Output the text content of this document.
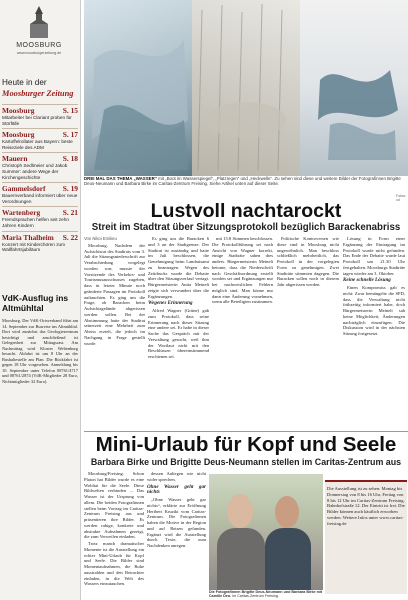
MOOSBURG
www.moosburgerzeitung.de
Heute in der
Moosburger Zeitung
Moosburg	S. 15
Mitarbeiter bei Clariant proben für Störfälle
Moosburg	S. 17
Kartoffelrollater aus Bayern: beste Reiseziele des ADM
Mauern	S. 18
Christoph Sedlmeier und Jakob Summer: andere Wege der Kirchengeschichte
Gammelsdorf S. 19
Bauernverband informiert über neue Verordnungen
Wartenberg	S. 21
Fremdsprachen helfen seit zehn Jahren Kindern
Maria Thalheim S. 22
Konzert mit Kinderchören zum Wallfahrtsjubiläum
VdK-Ausflug ins Altmühltal
Moosburg. Der VdK-Ortsverband führt am 14. September zur Busreise ins Altmühltal. Dort wird zunächst das Geologiezentrum besichtigt und anschließend ist Gelegenheit zur Mittagsrast. Am Nachmittag wird Kloster Weltenburg besucht. Abfahrt ist um 8 Uhr an der Bushaltestelle am Plan. Die Rückfahrt ist gegen 18 Uhr vorgesehen. Anmeldung bis 10. September unter Telefon 08761/4717 und 08761/2874 (VdK-Mitglieder 28 Euro, Nichtmitglieder 32 Euro).
DREI MAL DAS THEMA „WASSER“ mit „Boot im Wasserspiegel“, „Platzregen“ und „Heckwelle“. Zu sehen sind diese und weitere Bilder der Fotografinnen Brigitte Deus-Neumann und Barbara Birke im Caritas-Zentrum Freising. Siehe Artikel unten auf dieser Seite.
Fotos: cd
Lustvoll nachtarockt
Streit im Stadtrat über Sitzungsprotokoll bezüglich Barackenabriss
Von Nikoi Emikeu

Moosburg. Nachdem der Aufsichtsrat des Stadtrats vom 3. Juli die Sitzungsniederschrift zur Verabschiedung vorgelegt worden war, musste der Vorsitzende des Verkehrs- und Tourismusausschusses zugeben, dass in letzter Minute noch geänderte Passagen im Protokoll auftauchten. Es ging um die Frage, ob Baracken beim Aufsichtsgelände abgerissen werden sollen. Bei der Abstimmung hatte der Stadtrat seinerzeit eine Mehrheit zum Abriss erzielt, die jedoch im Nachgang in Frage gestellt wurde.

Es ging um die Baracken 6 und 3 an der Stadtgrenze. Der Stadtrat ist zuständig und hatte im Juli beschlossen, die Genehmigung beim Landratsamt zu beantragen. Wegen des Zeitdrucks wurde die Debatte über den Sitzungsverlauf vertagt. Bürgermeisterin Anita Meinelt zeigte sich verwundert über die Ergänzungen.

Wegenes Erinnerung

Alfred Wagner (Grüne) gab zum Protokoll, dass seine Erinnerung nach dieser Sitzung eine andere sei. Er habe in dieser Sache das Gespräch mit der Verwaltung gesucht, weil ihm der Wortlaut nicht mit den Beschlüssen übereinstimmend erschienen sei.

mit 15:8 Stimmen beschlossen. Die Protokollführung sei nach Ansicht von Wagner korrekt, einige Stadträte sahen dies anders. Bürgermeisterin Meinelt betonte, dass die Niederschrift nach Geschäftsordnung erstellt worden sei und Ergänzungen nur bei nachweislichen Fehlern möglich sind. Man könne nur dann eine Änderung vornehmen, wenn alle Beteiligten zustimmen.

Politische Kontroversen wie diese sind in Moosburg nicht ungewöhnlich. Man beschloss schließlich mehrheitlich, das Protokoll in der vorgelegten Form zu genehmigen. Zwei Stadträte stimmten dagegen. Die Baracken sollen noch in diesem Jahr abgerissen werden.

Lösung in Form einer Ergänzung der Eintragung im Protokoll wurde nicht gefunden. Das Ende der Debatte wurde laut Protokoll um 21.30 Uhr festgehalten. Moosburgs Stadträte tagen wieder am 3. Oktober.

Keine schnelle Lösung

Einen Kompromiss gab es nicht: Zwar bemängelte die SPD, dass die Verwaltung nicht frühzeitig informiert habe, doch Bürgermeisterin Meinelt sah keine Möglichkeit, Änderungen nachträglich einzufügen. Die Diskussion wird in der nächsten Sitzung fortgesetzt.

Mini-Urlaub für Kopf und Seele
Barbara Birke und Brigitte Deus-Neumann stellen im Caritas-Zentrum aus

Moosburg/Freising. Schon Platon hat Bilder wurde es eine Wohltat für die Seele. Diese Bildwelten verbinden ... Das Wasser ist der Ursprung von allem. Die beiden Fotografinnen stellen beim Vortrag im Caritas-Zentrum Freising aus und präsentieren ihre Bilder. Es werden ruhige, konkrete und abstrakte Aufnahmen gezeigt, die zum Verweilen einladen.

Trotz manch dramatischer Momente ist die Ausstellung ein echter Mini-Urlaub für Kopf und Seele. Die Bilder sind Momentaufnahmen, die Ruhe ausstrahlen und den Betrachter einladen, in die Welt des Wassers einzutauchen.

dessen Anliegen wie nicht wider sprechen.

Ohne Wasser geht gar nichts

„Ohne Wasser geht gar nichts“, erklärte zur Eröffnung Heribert Kruziki vom Caritas-Zentrum. Die Fotografinnen haben die Motive in der Region und auf Reisen gefunden. Ergänzt wird die Ausstellung durch Texte, die zum Nachdenken anregen.

Die Fotografinnen Brigitte Deus-Neumann und Barbara Birke mit Camille Deu. im Caritas-Zentrum Freising.
Die Ausstellung ist zu sehen: Montag bis Donnerstag von 8 bis 16 Uhr, Freitag von 8 bis 12 Uhr im Caritas-Zentrum Freising, Bahnhofstraße 12. Der Eintritt ist frei. Die Bilder können auch käuflich erworben werden. Weitere Infos unter www.caritas-freising.de
